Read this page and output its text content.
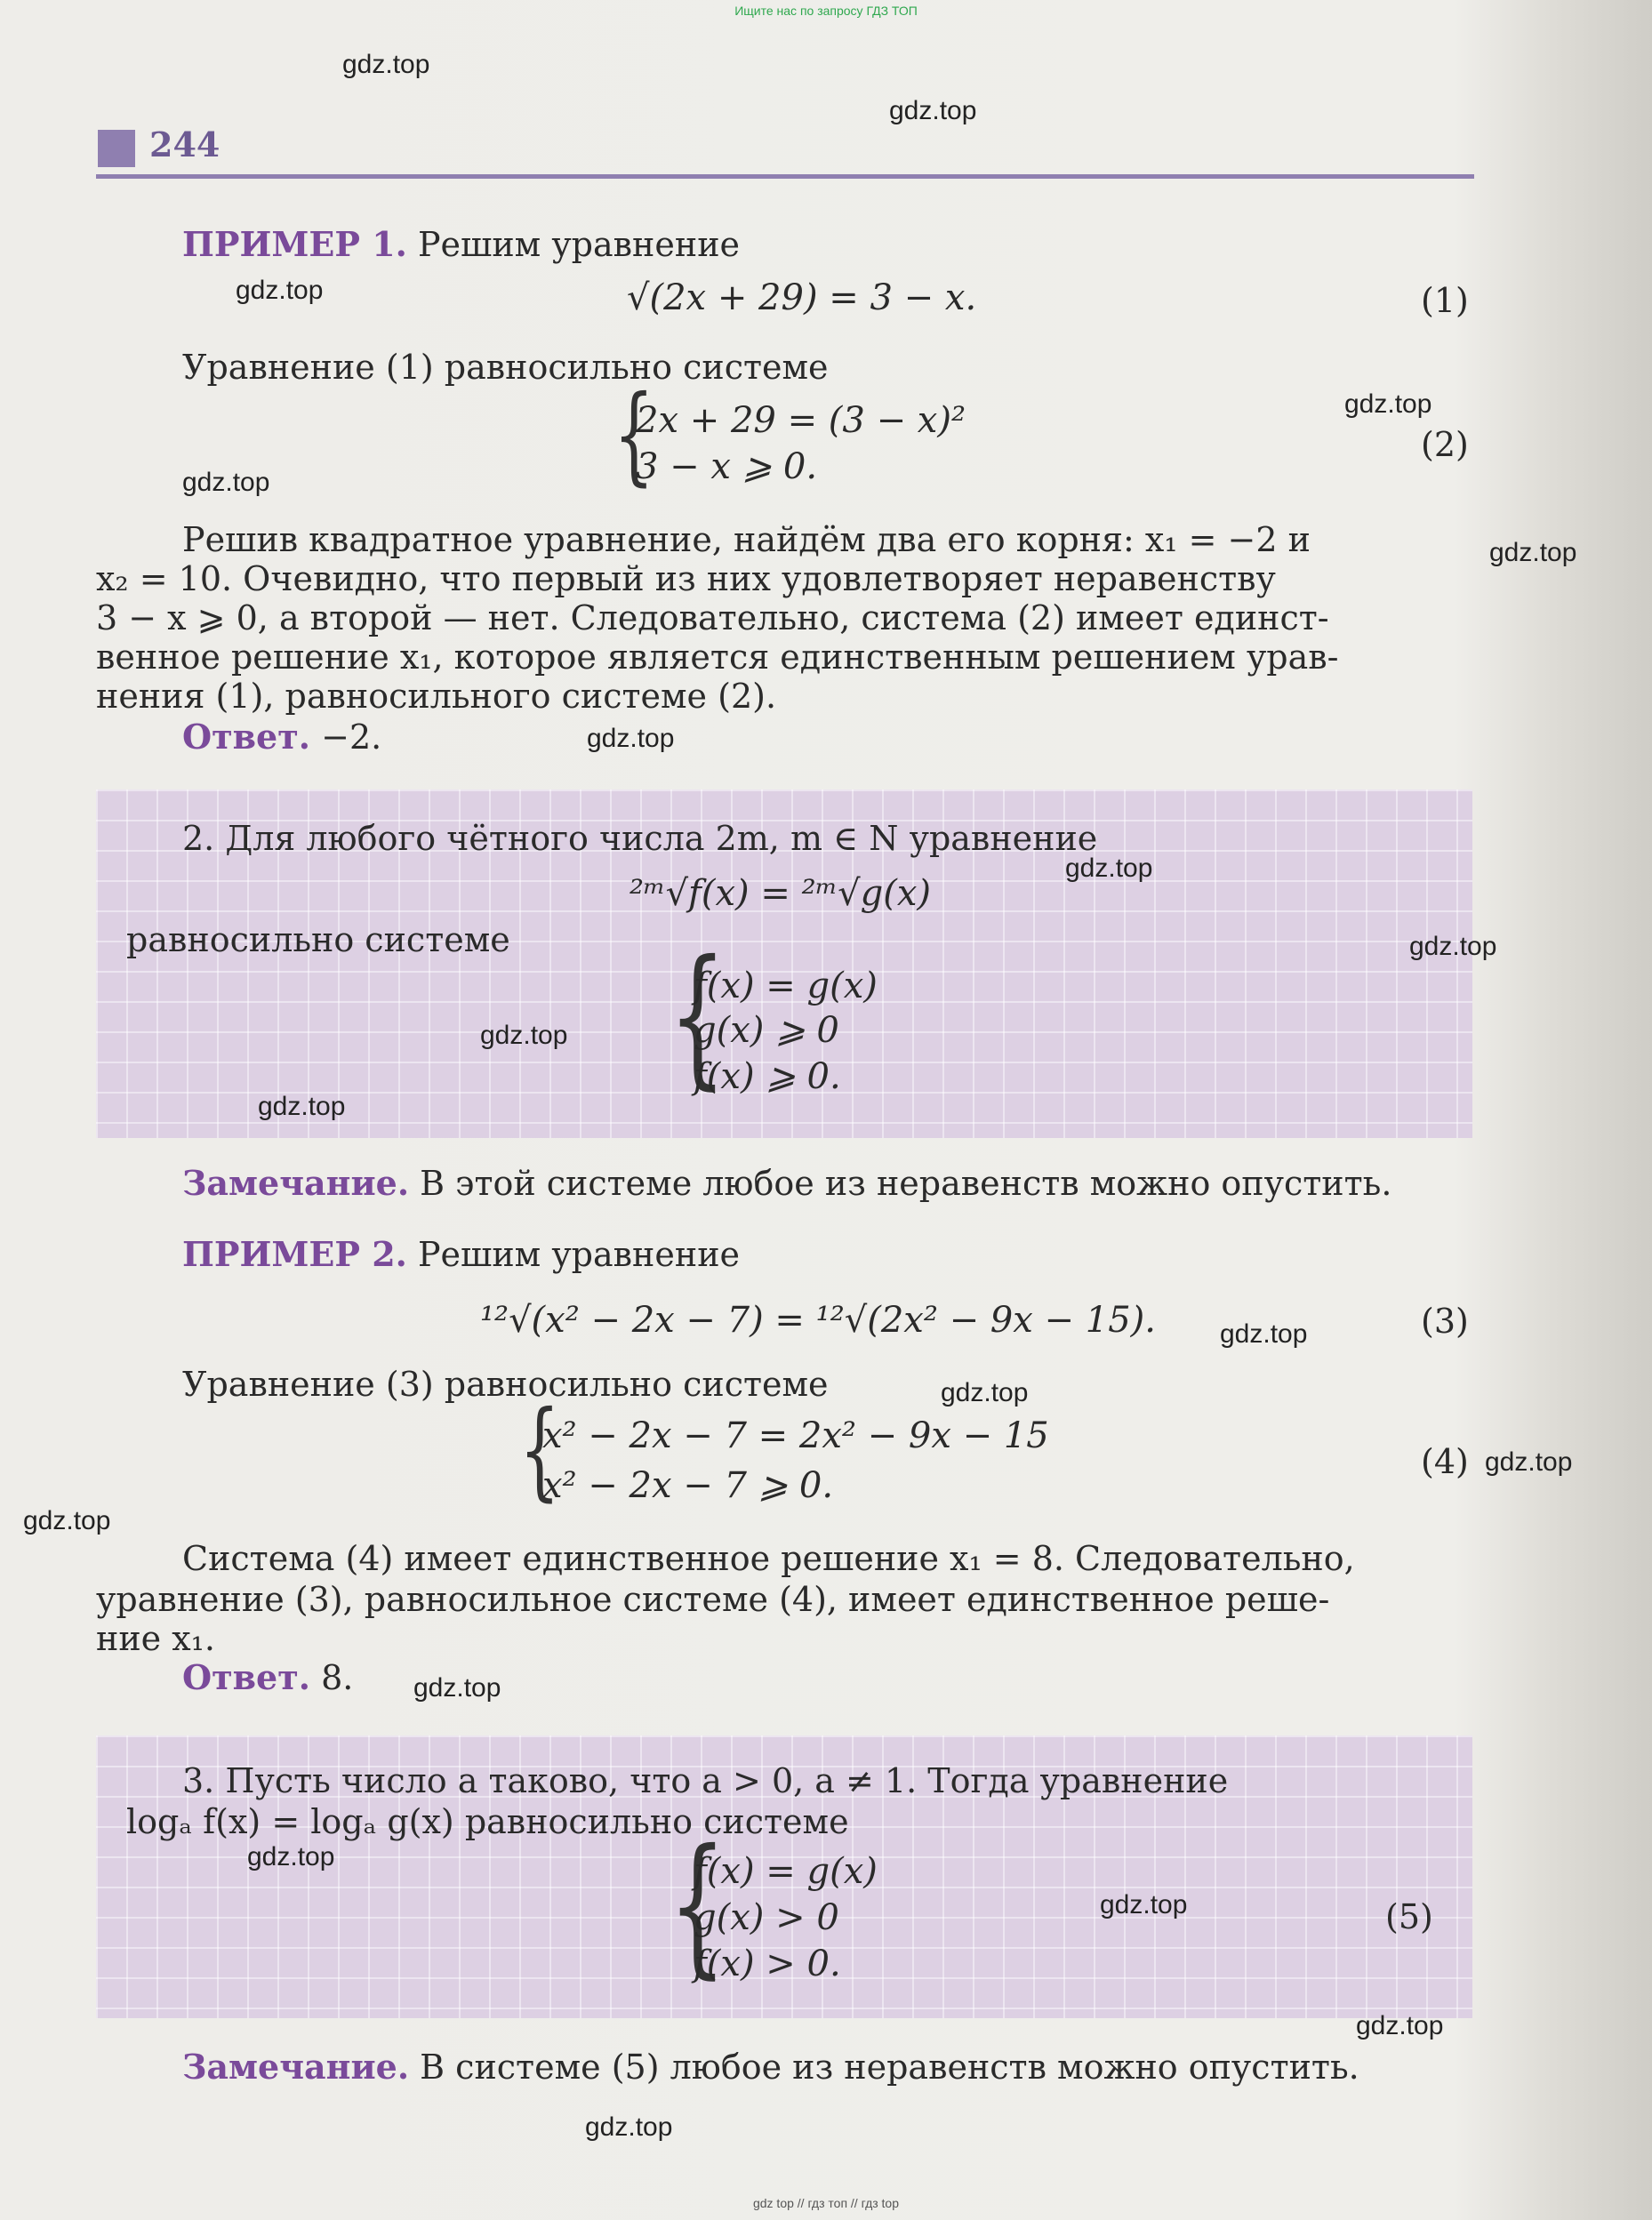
Ищите нас по запросу ГДЗ ТОП
244
ПРИМЕР 1. Решим уравнение
√(2x + 29) = 3 − x.	(1)
Уравнение (1) равносильно системе
{
2x + 29 = (3 − x)²
3 − x ⩾ 0.
(2)
Решив квадратное уравнение, найдём два его корня: x₁ = −2 и
x₂ = 10. Очевидно, что первый из них удовлетворяет неравенству
3 − x ⩾ 0, а второй — нет. Следовательно, система (2) имеет единст-
венное решение x₁, которое является единственным решением урав-
нения (1), равносильного системе (2).
Ответ. −2.
2. Для любого чётного числа 2m, m ∈ N уравнение
²ᵐ√f(x) = ²ᵐ√g(x)
равносильно системе {
f(x) = g(x)
g(x) ⩾ 0
f(x) ⩾ 0.
Замечание. В этой системе любое из неравенств можно опустить.
ПРИМЕР 2. Решим уравнение
¹²√(x² − 2x − 7) = ¹²√(2x² − 9x − 15).	(3)
Уравнение (3) равносильно системе
{
x² − 2x − 7 = 2x² − 9x − 15
x² − 2x − 7 ⩾ 0.
(4)
Система (4) имеет единственное решение x₁ = 8. Следовательно,
уравнение (3), равносильное системе (4), имеет единственное реше-
ние x₁.
Ответ. 8.
3. Пусть число a таково, что a > 0, a ≠ 1. Тогда уравнение
logₐ f(x) = logₐ g(x) равносильно системе
{
f(x) = g(x)
g(x) > 0
f(x) > 0.
(5)
Замечание. В системе (5) любое из неравенств можно опустить.
gdz.top
gdz.top
gdz.top
gdz.top
gdz.top
gdz.top
gdz.top
gdz.top
gdz.top
gdz.top
gdz.top
gdz.top
gdz.top
gdz.top
gdz.top
gdz.top
gdz.top
gdz.top
gdz.top
gdz.top
gdz top // гдз топ // гдз top
